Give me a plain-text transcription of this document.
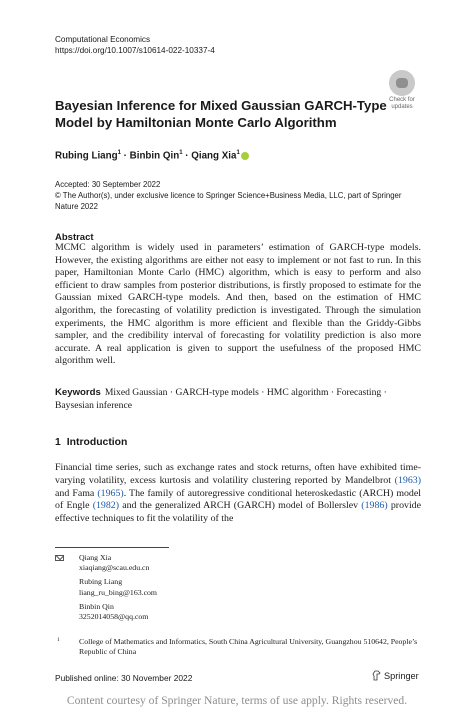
Computational Economics
https://doi.org/10.1007/s10614-022-10337-4
Check for
updates
Bayesian Inference for Mixed Gaussian GARCH-Type Model by Hamiltonian Monte Carlo Algorithm
Rubing Liang$^1$ · Binbin Qin$^1$ · Qiang Xia$^1$
Accepted: 30 September 2022
© The Author(s), under exclusive licence to Springer Science+Business Media, LLC, part of Springer Nature 2022
Abstract
MCMC algorithm is widely used in parameters’ estimation of GARCH-type models. However, the existing algorithms are either not easy to implement or not fast to run. In this paper, Hamiltonian Monte Carlo (HMC) algorithm, which is easy to perform and also efficient to draw samples from posterior distributions, is firstly proposed to estimate for the Gaussian mixed GARCH-type models. And then, based on the estimation of HMC algorithm, the forecasting of volatility prediction is investigated. Through the simulation experiments, the HMC algorithm is more efficient and flexible than the Griddy-Gibbs sampler, and the credibility interval of forecasting for volatility prediction is also more accurate. A real application is given to support the usefulness of the proposed HMC algorithm well.
Keywords Mixed Gaussian · GARCH-type models · HMC algorithm · Forecasting · Baysesian inference
1 Introduction
Financial time series, such as exchange rates and stock returns, often have exhibited time-varying volatility, excess kurtosis and volatility clustering reported by Mandelbrot (1963) and Fama (1965). The family of autoregressive conditional heteroskedastic (ARCH) model of Engle (1982) and the generalized ARCH (GARCH) model of Bollerslev (1986) provide effective techniques to fit the volatility of the
Qiang Xia
xiaqiang@scau.edu.cn
Rubing Liang
liang_ru_bing@163.com
Binbin Qin
3252014058@qq.com
1 College of Mathematics and Informatics, South China Agricultural University, Guangzhou 510642, People’s Republic of China
Published online: 30 November 2022	Springer
Content courtesy of Springer Nature, terms of use apply. Rights reserved.
